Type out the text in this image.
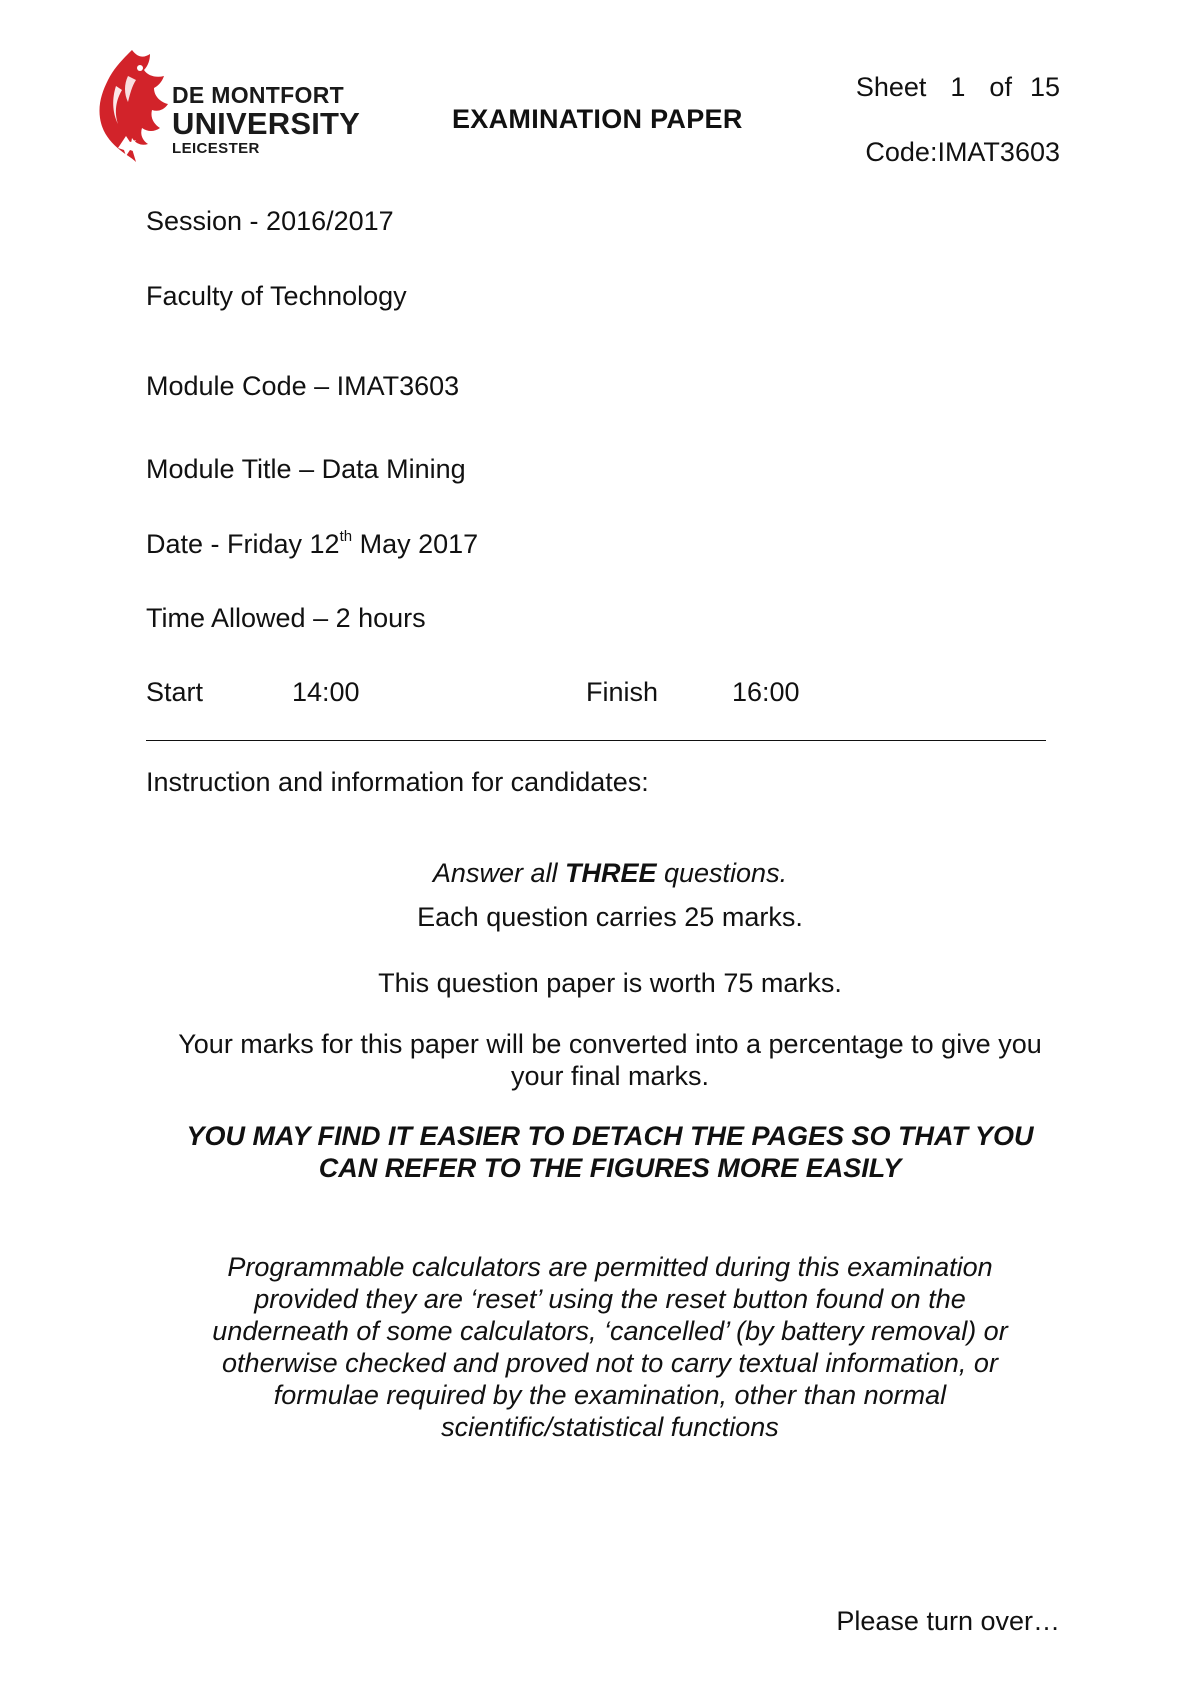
DE MONTFORT
UNIVERSITY
LEICESTER
EXAMINATION PAPER
Sheet 1 of 15
Code:IMAT3603
Session - 2016/2017
Faculty of Technology
Module Code – IMAT3603
Module Title – Data Mining
Date - Friday 12th May 2017
Time Allowed – 2 hours
Start	14:00	Finish	16:00
Instruction and information for candidates:
Answer all THREE questions.
Each question carries 25 marks.
This question paper is worth 75 marks.
Your marks for this paper will be converted into a percentage to give you
your final marks.
YOU MAY FIND IT EASIER TO DETACH THE PAGES SO THAT YOU
CAN REFER TO THE FIGURES MORE EASILY
Programmable calculators are permitted during this examination
provided they are ‘reset’ using the reset button found on the
underneath of some calculators, ‘cancelled’ (by battery removal) or
otherwise checked and proved not to carry textual information, or
formulae required by the examination, other than normal
scientific/statistical functions
Please turn over…
